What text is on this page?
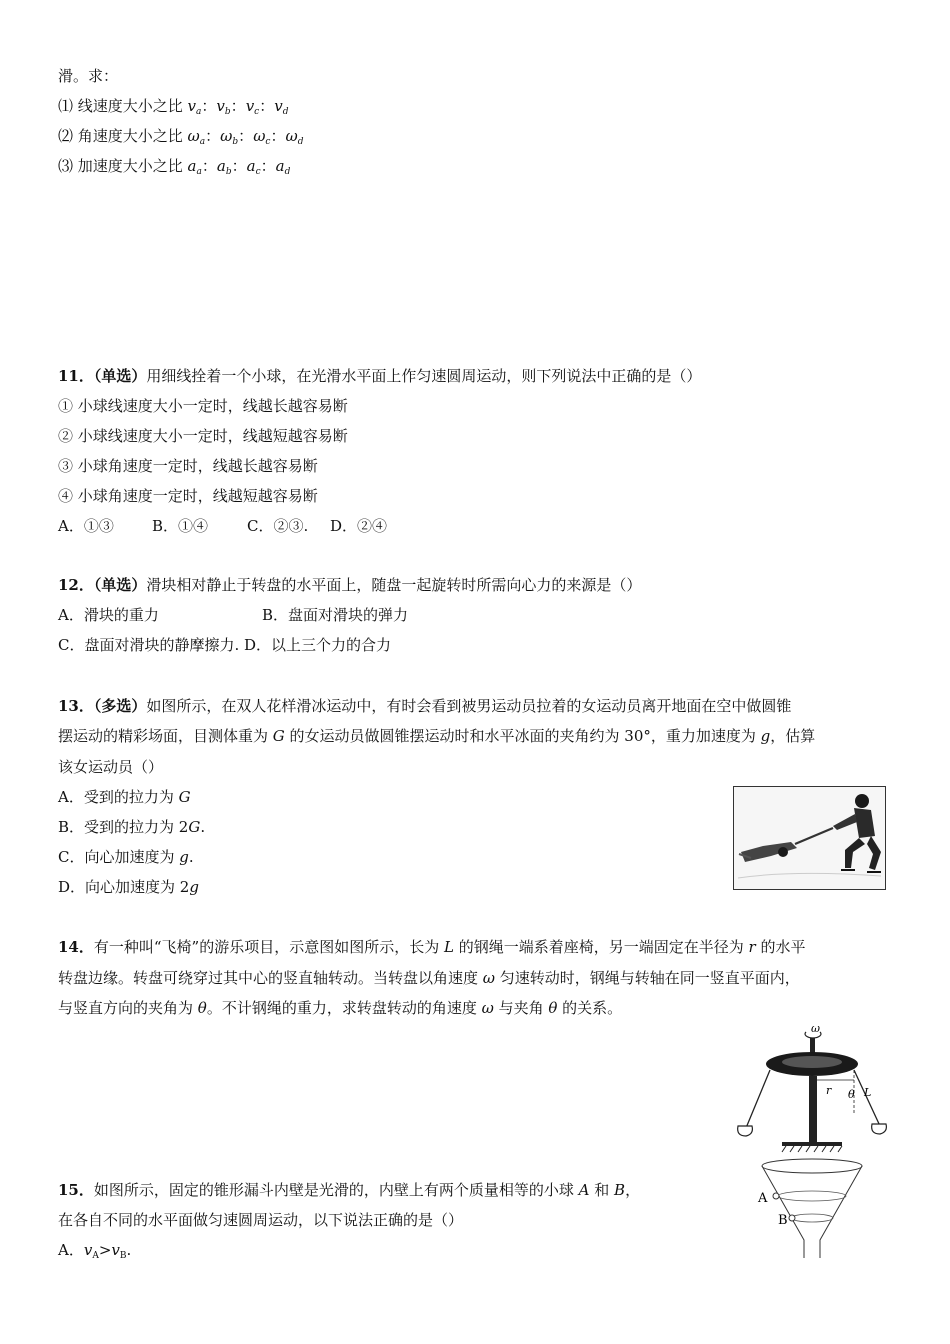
滑。求：
⑴ 线速度大小之比 $v_a$：$v_b$：$v_c$：$v_d$
⑵ 角速度大小之比 $\omega_a$：$\omega_b$：$\omega_c$：$\omega_d$
⑶ 加速度大小之比 $a_a$：$a_b$：$a_c$：$a_d$
11．（单选）用细线拴着一个小球，在光滑水平面上作匀速圆周运动，则下列说法中正确的是（）
① 小球线速度大小一定时，线越长越容易断
② 小球线速度大小一定时，线越短越容易断
③ 小球角速度一定时，线越长越容易断
④ 小球角速度一定时，线越短越容易断
A．①③	B．①④	C．②③. D．②④
12．（单选）滑块相对静止于转盘的水平面上，随盘一起旋转时所需向心力的来源是（）
A．滑块的重力	B．盘面对滑块的弹力
C．盘面对滑块的静摩擦力. D．以上三个力的合力
13．（多选）如图所示，在双人花样滑冰运动中，有时会看到被男运动员拉着的女运动员离开地面在空中做圆锥
摆运动的精彩场面，目测体重为 G 的女运动员做圆锥摆运动时和水平冰面的夹角约为 30°，重力加速度为 g，估算
该女运动员（）
A．受到的拉力为 G
B．受到的拉力为 2G.
C．向心加速度为 g.
D．向心加速度为 2g
14．有一种叫“飞椅”的游乐项目，示意图如图所示，长为 L 的钢绳一端系着座椅，另一端固定在半径为 r 的水平
转盘边缘。转盘可绕穿过其中心的竖直轴转动。当转盘以角速度 ω 匀速转动时，钢绳与转轴在同一竖直平面内，
与竖直方向的夹角为 θ。不计钢绳的重力，求转盘转动的角速度 ω 与夹角 θ 的关系。
ω
r θ L
15．如图所示，固定的锥形漏斗内壁是光滑的，内壁上有两个质量相等的小球 A 和 B，
在各自不同的水平面做匀速圆周运动，以下说法正确的是（）
A．$v_A>v_B$.
A
B
